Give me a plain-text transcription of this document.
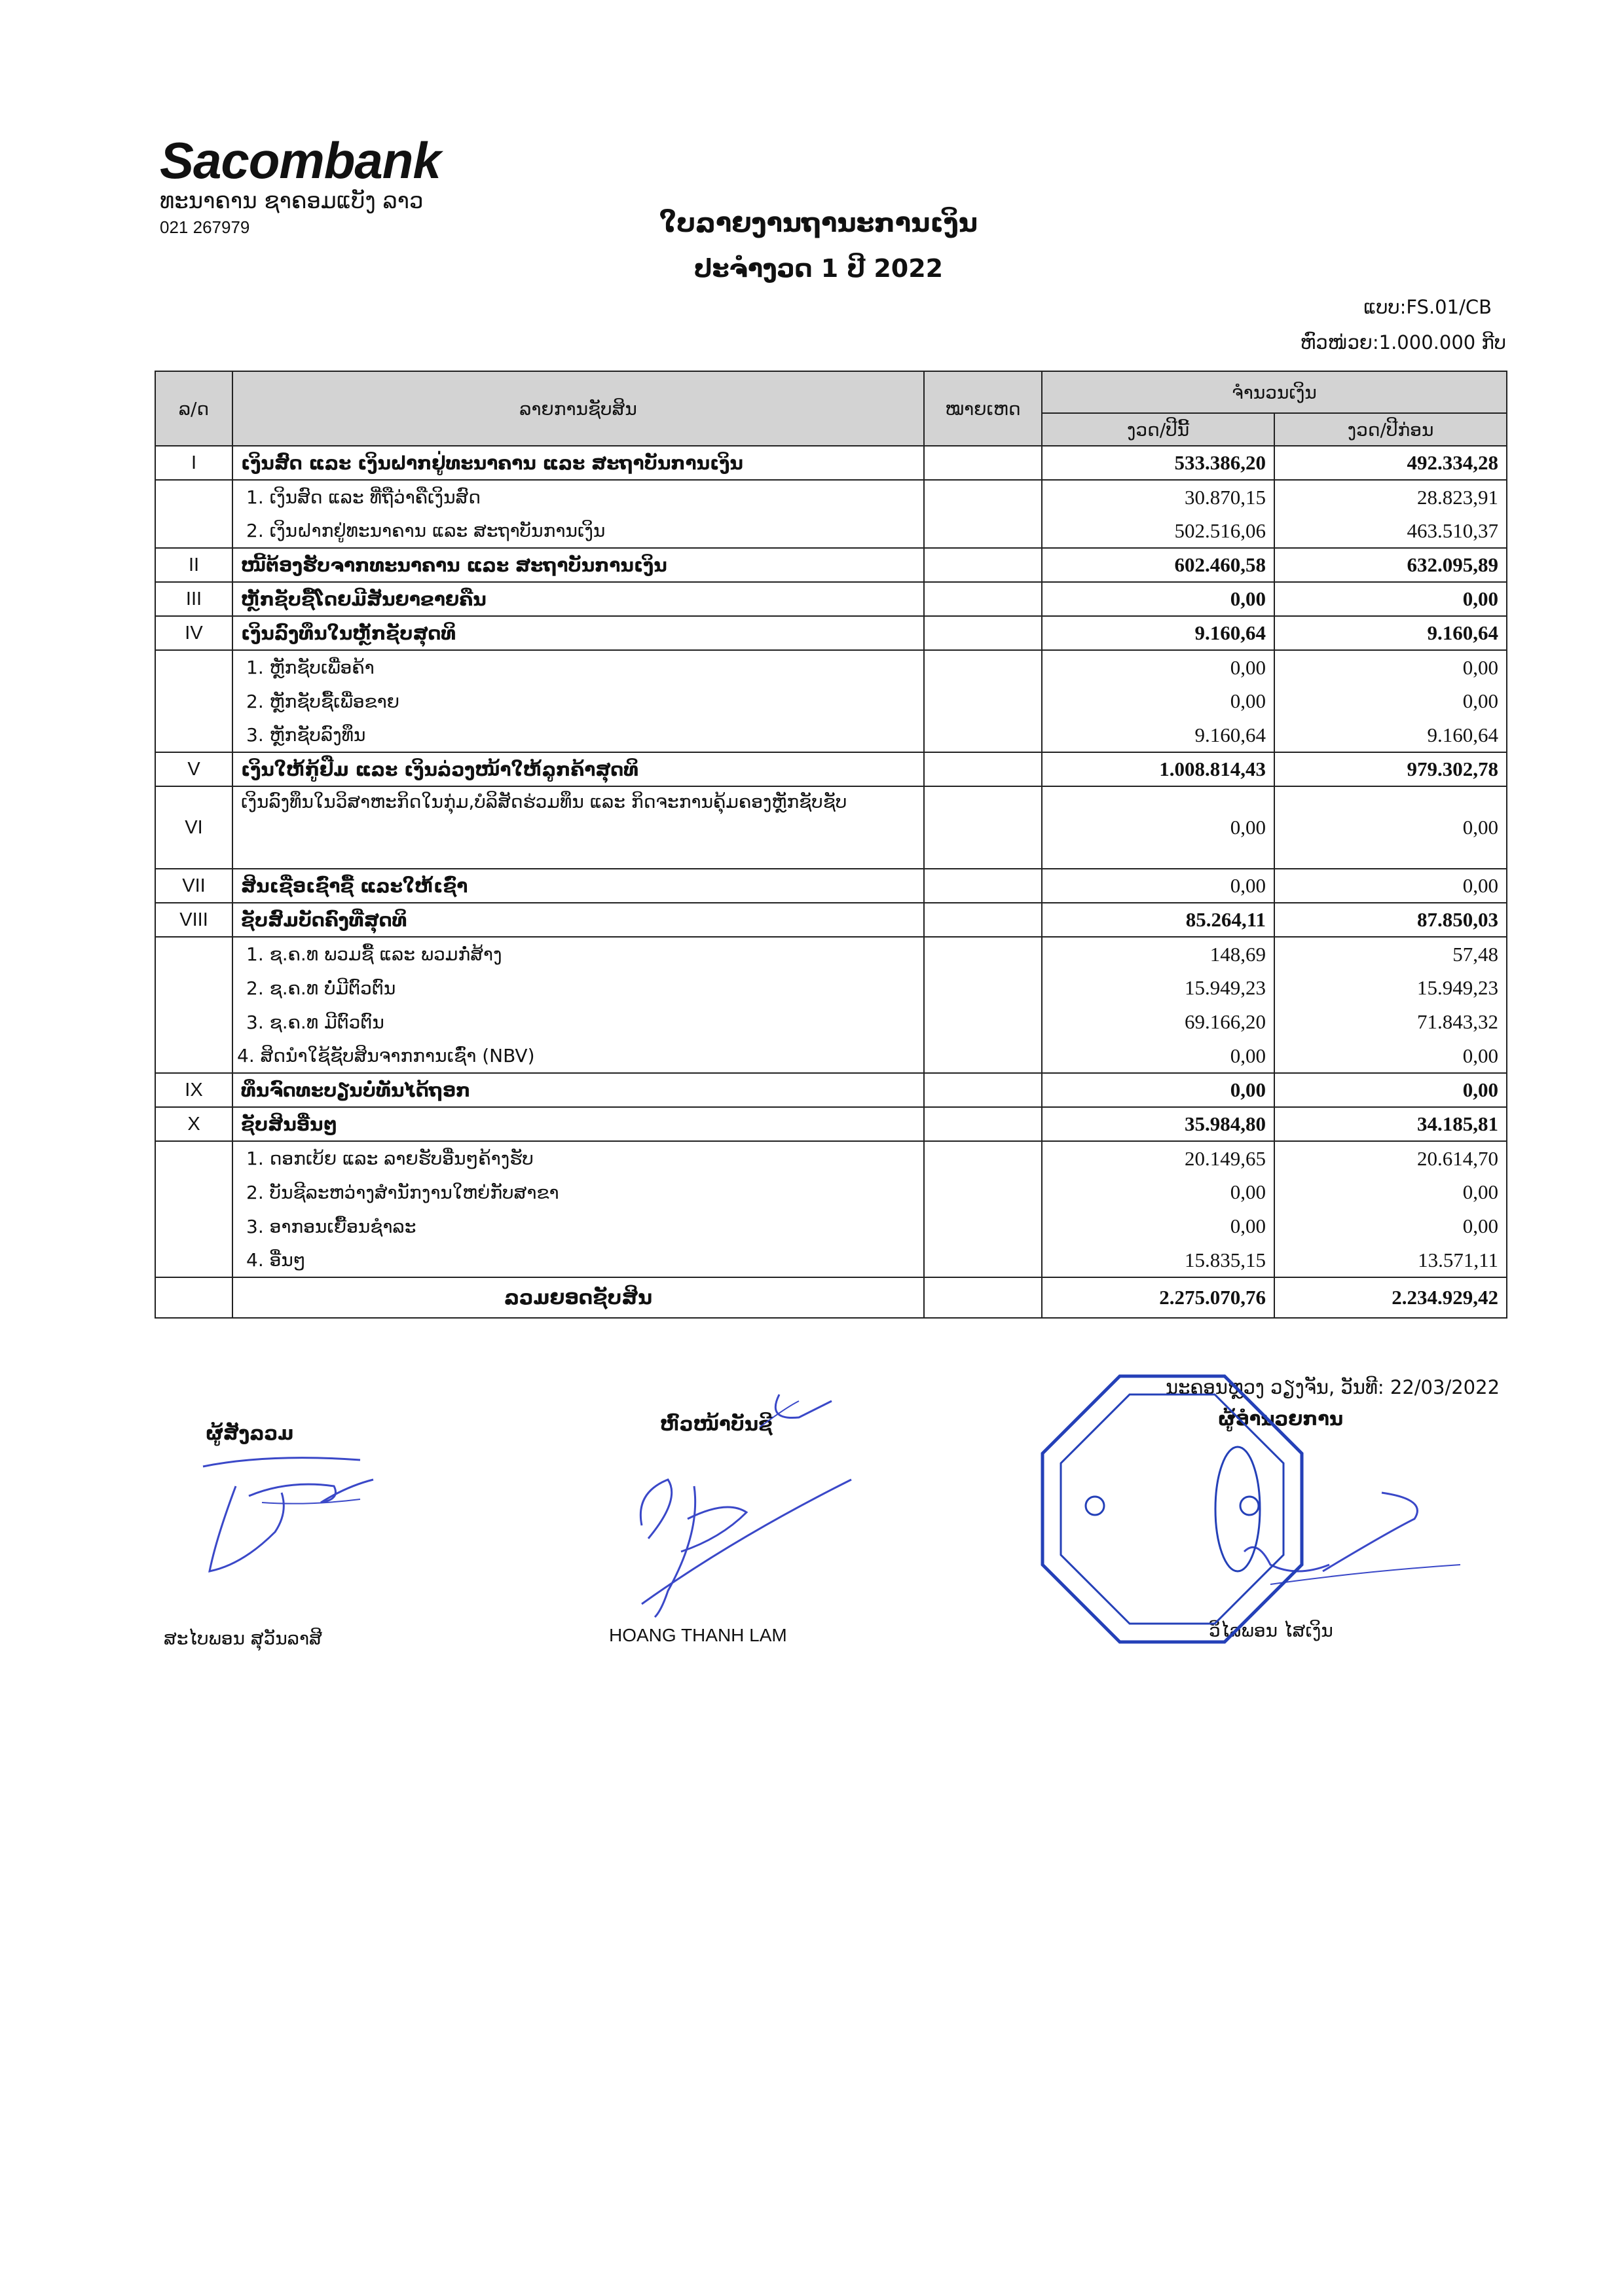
Sacombank
ທະນາຄານ ຊາຄອມແບັງ ລາວ
021 267979	ໃບລາຍງານຖານະການເງິນ
ປະຈຳງວດ 1 ປີ 2022
ແບບ:FS.01/CB
ຫົວໜ່ວຍ:1.000.000 ກີບ
ລ/ດ	ລາຍການຊັບສິນ	ໝາຍເຫດ	ຈຳນວນເງິນ	
			ງວດ/ປີນີ້	ງວດ/ປີກ່ອນ
I	ເງິນສົດ ແລະ ເງິນຝາກຢູ່ທະນາຄານ ແລະ ສະຖາບັນການເງິນ		533.386,20	492.334,28
	1. ເງິນສົດ ແລະ ທີ່ຖືວ່າຄືເງິນສົດ		30.870,15	28.823,91
	2. ເງິນຝາກຢູ່ທະນາຄານ ແລະ ສະຖາບັນການເງິນ		502.516,06	463.510,37
II	ໜີ້ຕ້ອງຮັບຈາກທະນາຄານ ແລະ ສະຖາບັນການເງິນ		602.460,58	632.095,89
III	ຫຼັກຊັບຊື້ໂດຍມີສັນຍາຂາຍຄືນ		0,00	0,00
IV	ເງິນລົງທຶນໃນຫຼັກຊັບສຸດທິ		9.160,64	9.160,64
	1. ຫຼັກຊັບເພື່ອຄ້າ		0,00	0,00
	2. ຫຼັກຊັບຊື້ເພື່ອຂາຍ		0,00	0,00
	3. ຫຼັກຊັບລົງທຶນ		9.160,64	9.160,64
V	ເງິນໃຫ້ກູ້ຢືມ ແລະ ເງິນລ່ວງໜ້າໃຫ້ລູກຄ້າສຸດທິ		1.008.814,43	979.302,78
VI	ເງິນລົງທຶນໃນວິສາຫະກິດໃນກຸ່ມ,ບໍລິສັດຮ່ວມທຶນ ແລະ ກິດຈະການຄຸ້ມຄອງຫຼັກຊັບຊັບ		0,00	0,00
VII	ສິນເຊື່ອເຊົ່າຊື້ ແລະໃຫ້ເຊົ່າ		0,00	0,00
VIII	ຊັບສົມບັດຄົງທີ່ສຸດທິ		85.264,11	87.850,03
	1. ຊ.ຄ.ທ ພວມຊື້ ແລະ ພວມກໍ່ສ້າງ		148,69	57,48
	2. ຊ.ຄ.ທ ບໍ່ມີຕົວຕົນ		15.949,23	15.949,23
	3. ຊ.ຄ.ທ ມີຕົວຕົນ		69.166,20	71.843,32
	4. ສິດນຳໃຊ້ຊັບສິນຈາກການເຊົ່າ (NBV)		0,00	0,00
IX	ທຶນຈົດທະບຽນບໍ່ທັນໄດ້ຖອກ		0,00	0,00
X	ຊັບສິນອື່ນໆ		35.984,80	34.185,81
	1. ດອກເບ້ຍ ແລະ ລາຍຮັບອື່ນໆຄ້າງຮັບ		20.149,65	20.614,70
	2. ບັນຊີລະຫວ່າງສຳນັກງານໃຫຍ່ກັບສາຂາ		0,00	0,00
	3. ອາກອນເຍື້ອນຊຳລະ		0,00	0,00
	4. ອື່ນໆ		15.835,15	13.571,11
	ລວມຍອດຊັບສິນ		2.275.070,76	2.234.929,42
ນະຄອນຫຼວງ ວຽງຈັນ, ວັນທີ: 22/03/2022
ຜູ້ສັງລວມ	ຫົວໜ້າບັນຊີ	ຜູ້ອຳນວຍການ
ສະໄບພອນ ສຸວັນລາສີ	HOANG THANH LAM	ວິໄລພອນ ໄສເງິນ
